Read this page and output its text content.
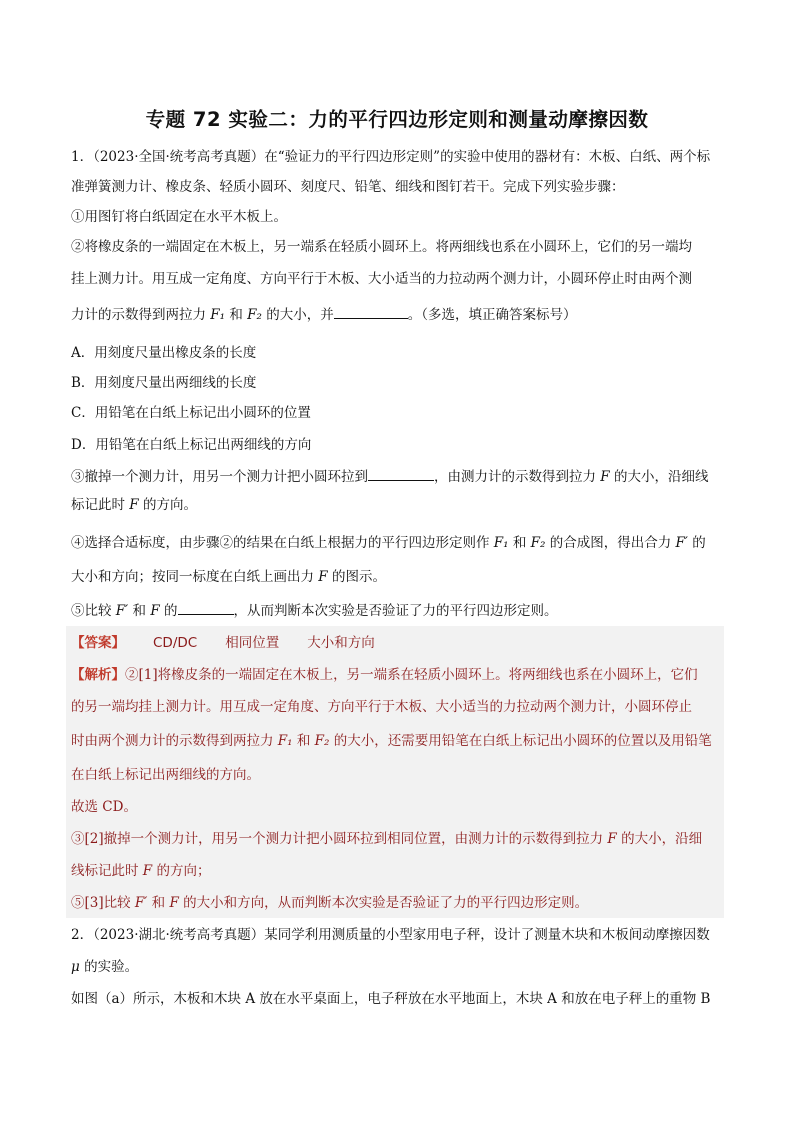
专题 72 实验二：力的平行四边形定则和测量动摩擦因数
1．（2023·全国·统考高考真题）在“验证力的平行四边形定则”的实验中使用的器材有：木板、白纸、两个标
准弹簧测力计、橡皮条、轻质小圆环、刻度尺、铅笔、细线和图钉若干。完成下列实验步骤：
①用图钉将白纸固定在水平木板上。
②将橡皮条的一端固定在木板上，另一端系在轻质小圆环上。将两细线也系在小圆环上，它们的另一端均
挂上测力计。用互成一定角度、方向平行于木板、大小适当的力拉动两个测力计，小圆环停止时由两个测
力计的示数得到两拉力 F₁ 和 F₂ 的大小，并	。（多选，填正确答案标号）
A．用刻度尺量出橡皮条的长度
B．用刻度尺量出两细线的长度
C．用铅笔在白纸上标记出小圆环的位置
D．用铅笔在白纸上标记出两细线的方向
③撤掉一个测力计，用另一个测力计把小圆环拉到	，由测力计的示数得到拉力 F 的大小，沿细线
标记此时 F 的方向。
④选择合适标度，由步骤②的结果在白纸上根据力的平行四边形定则作 F₁ 和 F₂ 的合成图，得出合力 F′ 的
大小和方向；按同一标度在白纸上画出力 F 的图示。
⑤比较 F′ 和 F 的	，从而判断本次实验是否验证了力的平行四边形定则。
【答案】 CD/DC 相同位置 大小和方向
【解析】②[1]将橡皮条的一端固定在木板上，另一端系在轻质小圆环上。将两细线也系在小圆环上，它们
的另一端均挂上测力计。用互成一定角度、方向平行于木板、大小适当的力拉动两个测力计，小圆环停止
时由两个测力计的示数得到两拉力 F₁ 和 F₂ 的大小，还需要用铅笔在白纸上标记出小圆环的位置以及用铅笔
在白纸上标记出两细线的方向。
故选 CD。
③[2]撤掉一个测力计，用另一个测力计把小圆环拉到相同位置，由测力计的示数得到拉力 F 的大小，沿细
线标记此时 F 的方向；
⑤[3]比较 F′ 和 F 的大小和方向，从而判断本次实验是否验证了力的平行四边形定则。
2．（2023·湖北·统考高考真题）某同学利用测质量的小型家用电子秤，设计了测量木块和木板间动摩擦因数
μ 的实验。
如图（a）所示，木板和木块 A 放在水平桌面上，电子秤放在水平地面上，木块 A 和放在电子秤上的重物 B
